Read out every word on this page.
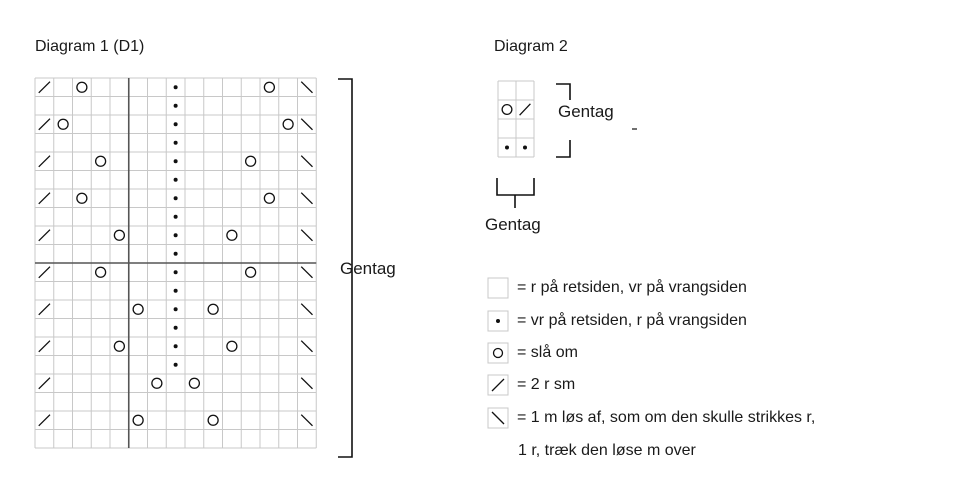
Diagram 1 (D1)	Diagram 2
Gentag
Gentag
Gentag
= r på retsiden, vr på vrangsiden
= vr på retsiden, r på vrangsiden
= slå om
= 2 r sm
= 1 m løs af, som om den skulle strikkes r,
1 r, træk den løse m over
